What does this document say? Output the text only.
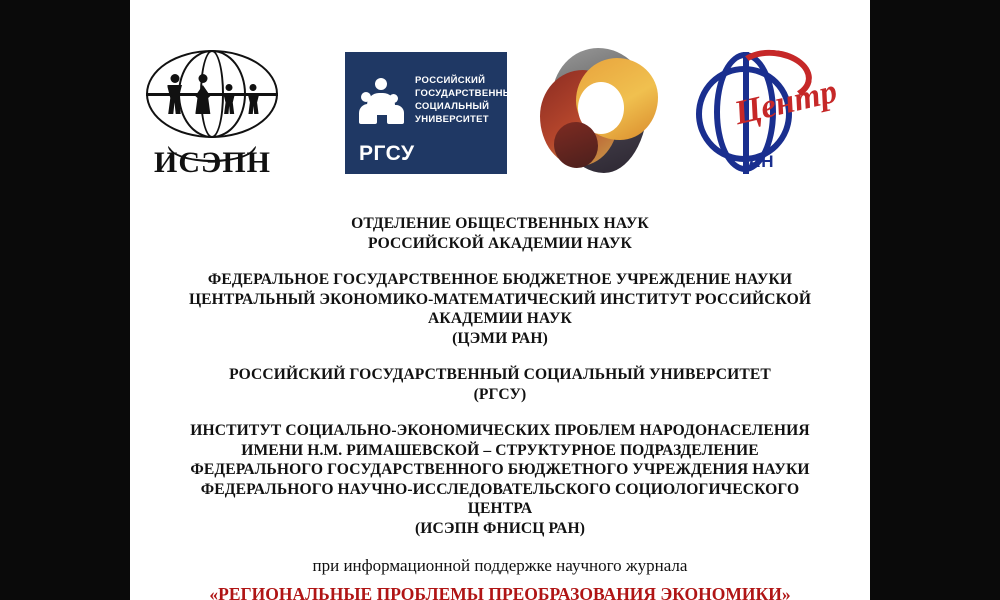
ИСЭПН
РОССИЙСКИЙ
ГОСУДАРСТВЕННЫЙ
СОЦИАЛЬНЫЙ
УНИВЕРСИТЕТ
РГСУ
Центр
АН

ОТДЕЛЕНИЕ ОБЩЕСТВЕННЫХ НАУК
РОССИЙСКОЙ АКАДЕМИИ НАУК

ФЕДЕРАЛЬНОЕ ГОСУДАРСТВЕННОЕ БЮДЖЕТНОЕ УЧРЕЖДЕНИЕ НАУКИ
ЦЕНТРАЛЬНЫЙ ЭКОНОМИКО-МАТЕМАТИЧЕСКИЙ ИНСТИТУТ РОССИЙСКОЙ
АКАДЕМИИ НАУК
(ЦЭМИ РАН)

РОССИЙСКИЙ ГОСУДАРСТВЕННЫЙ СОЦИАЛЬНЫЙ УНИВЕРСИТЕТ
(РГСУ)

ИНСТИТУТ СОЦИАЛЬНО-ЭКОНОМИЧЕСКИХ ПРОБЛЕМ НАРОДОНАСЕЛЕНИЯ
ИМЕНИ Н.М. РИМАШЕВСКОЙ – СТРУКТУРНОЕ ПОДРАЗДЕЛЕНИЕ
ФЕДЕРАЛЬНОГО ГОСУДАРСТВЕННОГО БЮДЖЕТНОГО УЧРЕЖДЕНИЯ НАУКИ
ФЕДЕРАЛЬНОГО НАУЧНО-ИССЛЕДОВАТЕЛЬСКОГО СОЦИОЛОГИЧЕСКОГО
ЦЕНТРА
(ИСЭПН ФНИСЦ РАН)

при информационной поддержке научного журнала

«РЕГИОНАЛЬНЫЕ ПРОБЛЕМЫ ПРЕОБРАЗОВАНИЯ ЭКОНОМИКИ»
